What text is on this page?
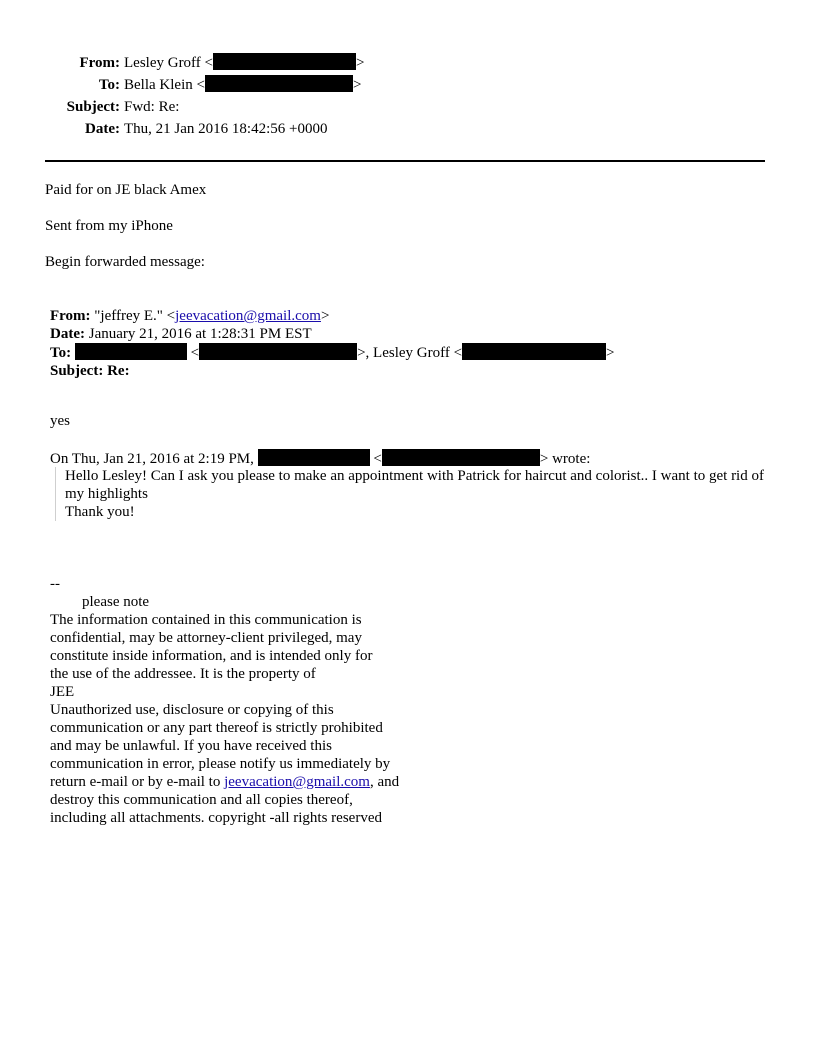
From: Lesley Groff <	>
To: Bella Klein <	>
Subject: Fwd: Re:
Date: Thu, 21 Jan 2016 18:42:56 +0000
Paid for on JE black Amex
Sent from my iPhone
Begin forwarded message:
From: "jeffrey E." <jeevacation@gmail.com>
Date: January 21, 2016 at 1:28:31 PM EST
To:	<	>, Lesley Groff <	>
Subject: Re:
yes
On Thu, Jan 21, 2016 at 2:19 PM,	<	> wrote:
Hello Lesley! Can I ask you please to make an appointment with Patrick for haircut and colorist.. I want to get rid of my highlights
Thank you!
--
please note
The information contained in this communication is
confidential, may be attorney-client privileged, may
constitute inside information, and is intended only for
the use of the addressee. It is the property of
JEE
Unauthorized use, disclosure or copying of this
communication or any part thereof is strictly prohibited
and may be unlawful. If you have received this
communication in error, please notify us immediately by
return e-mail or by e-mail to jeevacation@gmail.com, and
destroy this communication and all copies thereof,
including all attachments. copyright -all rights reserved
